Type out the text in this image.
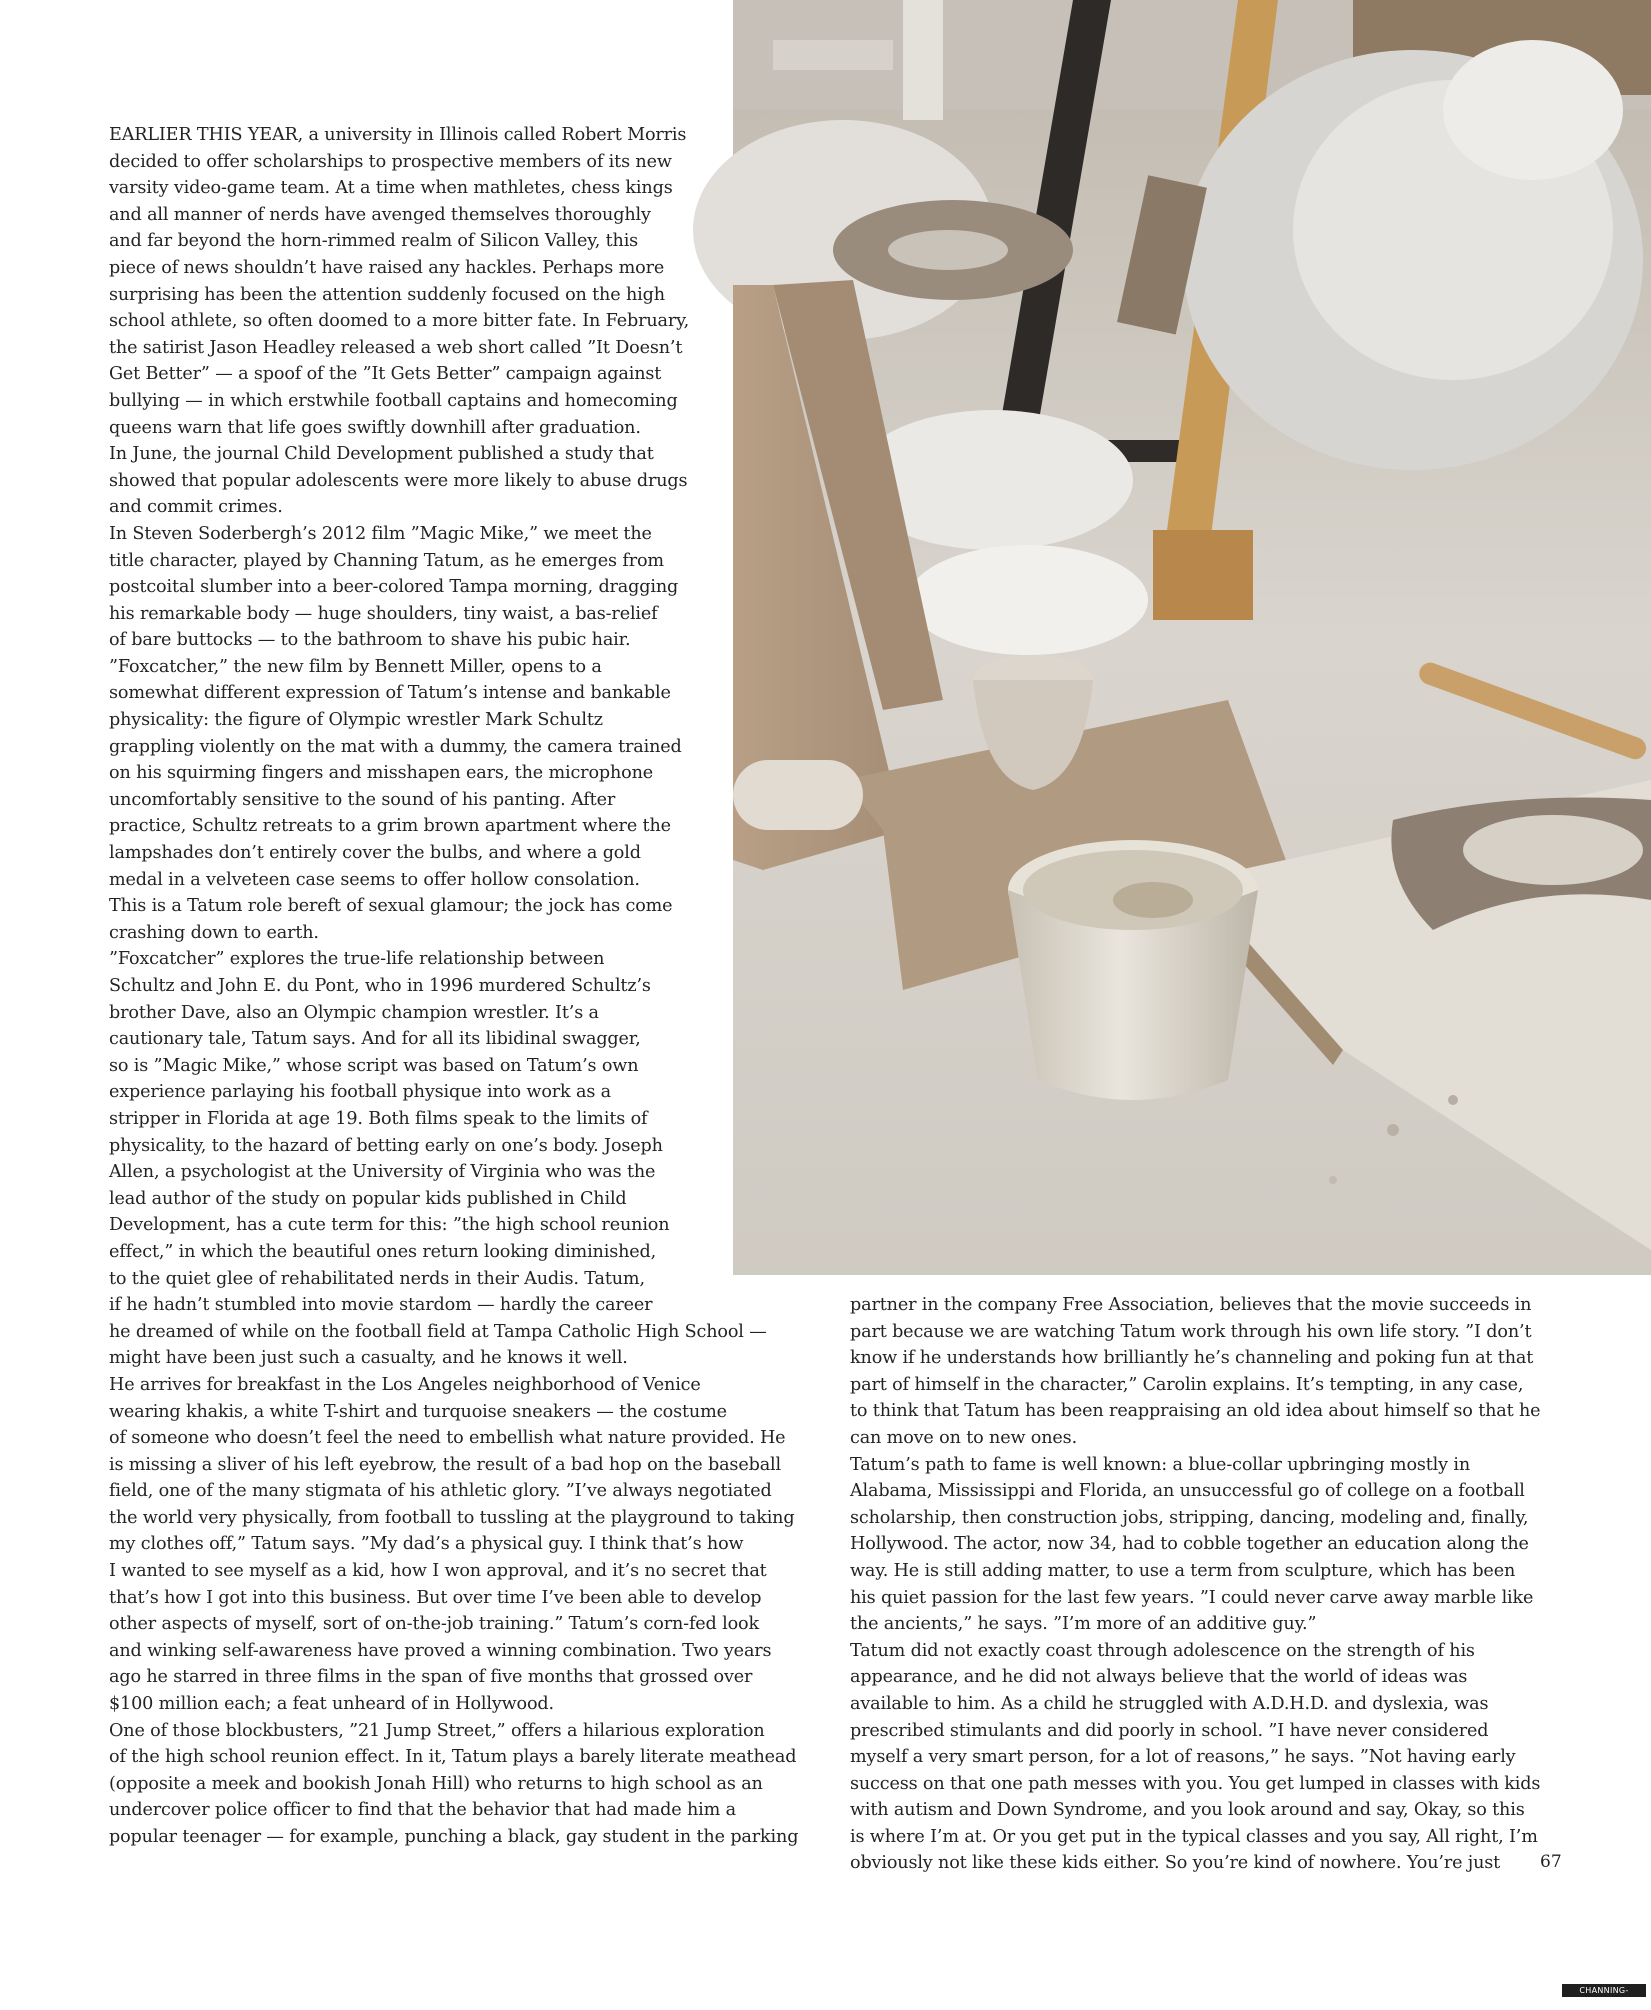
EARLIER THIS YEAR, a university in Illinois called Robert Morris

decided to offer scholarships to prospective members of its new

varsity video-game team. At a time when mathletes, chess kings

and all manner of nerds have avenged themselves thoroughly

and far beyond the horn-rimmed realm of Silicon Valley, this

piece of news shouldn’t have raised any hackles. Perhaps more

surprising has been the attention suddenly focused on the high

school athlete, so often doomed to a more bitter fate. In February,

the satirist Jason Headley released a web short called ”It Doesn’t

Get Better” — a spoof of the ”It Gets Better” campaign against

bullying — in which erstwhile football captains and homecoming

queens warn that life goes swiftly downhill after graduation.

In June, the journal Child Development published a study that

showed that popular adolescents were more likely to abuse drugs

and commit crimes.

In Steven Soderbergh’s 2012 film ”Magic Mike,” we meet the

title character, played by Channing Tatum, as he emerges from

postcoital slumber into a beer-colored Tampa morning, dragging

his remarkable body — huge shoulders, tiny waist, a bas-relief

of bare buttocks — to the bathroom to shave his pubic hair.

”Foxcatcher,” the new film by Bennett Miller, opens to a

somewhat different expression of Tatum’s intense and bankable

physicality: the figure of Olympic wrestler Mark Schultz

grappling violently on the mat with a dummy, the camera trained

on his squirming fingers and misshapen ears, the microphone

uncomfortably sensitive to the sound of his panting. After

practice, Schultz retreats to a grim brown apartment where the

lampshades don’t entirely cover the bulbs, and where a gold

medal in a velveteen case seems to offer hollow consolation.

This is a Tatum role bereft of sexual glamour; the jock has come

crashing down to earth.

”Foxcatcher” explores the true-life relationship between

Schultz and John E. du Pont, who in 1996 murdered Schultz’s

brother Dave, also an Olympic champion wrestler. It’s a

cautionary tale, Tatum says. And for all its libidinal swagger,

so is ”Magic Mike,” whose script was based on Tatum’s own

experience parlaying his football physique into work as a

stripper in Florida at age 19. Both films speak to the limits of

physicality, to the hazard of betting early on one’s body. Joseph

Allen, a psychologist at the University of Virginia who was the

lead author of the study on popular kids published in Child

Development, has a cute term for this: ”the high school reunion

effect,” in which the beautiful ones return looking diminished,

to the quiet glee of rehabilitated nerds in their Audis. Tatum,

if he hadn’t stumbled into movie stardom — hardly the career

he dreamed of while on the football field at Tampa Catholic High School —

might have been just such a casualty, and he knows it well.

He arrives for breakfast in the Los Angeles neighborhood of Venice

wearing khakis, a white T-shirt and turquoise sneakers — the costume

of someone who doesn’t feel the need to embellish what nature provided. He

is missing a sliver of his left eyebrow, the result of a bad hop on the baseball

field, one of the many stigmata of his athletic glory. ”I’ve always negotiated

the world very physically, from football to tussling at the playground to taking

my clothes off,” Tatum says. ”My dad’s a physical guy. I think that’s how

I wanted to see myself as a kid, how I won approval, and it’s no secret that

that’s how I got into this business. But over time I’ve been able to develop

other aspects of myself, sort of on-the-job training.” Tatum’s corn-fed look

and winking self-awareness have proved a winning combination. Two years

ago he starred in three films in the span of five months that grossed over

$100 million each; a feat unheard of in Hollywood.

One of those blockbusters, ”21 Jump Street,” offers a hilarious exploration

of the high school reunion effect. In it, Tatum plays a barely literate meathead

(opposite a meek and bookish Jonah Hill) who returns to high school as an

undercover police officer to find that the behavior that had made him a

popular teenager — for example, punching a black, gay student in the parking

partner in the company Free Association, believes that the movie succeeds in

part because we are watching Tatum work through his own life story. ”I don’t

know if he understands how brilliantly he’s channeling and poking fun at that

part of himself in the character,” Carolin explains. It’s tempting, in any case,

to think that Tatum has been reappraising an old idea about himself so that he

can move on to new ones.

Tatum’s path to fame is well known: a blue-collar upbringing mostly in

Alabama, Mississippi and Florida, an unsuccessful go of college on a football

scholarship, then construction jobs, stripping, dancing, modeling and, finally,

Hollywood. The actor, now 34, had to cobble together an education along the

way. He is still adding matter, to use a term from sculpture, which has been

his quiet passion for the last few years. ”I could never carve away marble like

the ancients,” he says. ”I’m more of an additive guy.”

Tatum did not exactly coast through adolescence on the strength of his

appearance, and he did not always believe that the world of ideas was

available to him. As a child he struggled with A.D.H.D. and dyslexia, was

prescribed stimulants and did poorly in school. ”I have never considered

myself a very smart person, for a lot of reasons,” he says. ”Not having early

success on that one path messes with you. You get lumped in classes with kids

with autism and Down Syndrome, and you look around and say, Okay, so this

is where I’m at. Or you get put in the typical classes and you say, All right, I’m

obviously not like these kids either. So you’re kind of nowhere. You’re just	67
CHANNING-TATUM.COM
